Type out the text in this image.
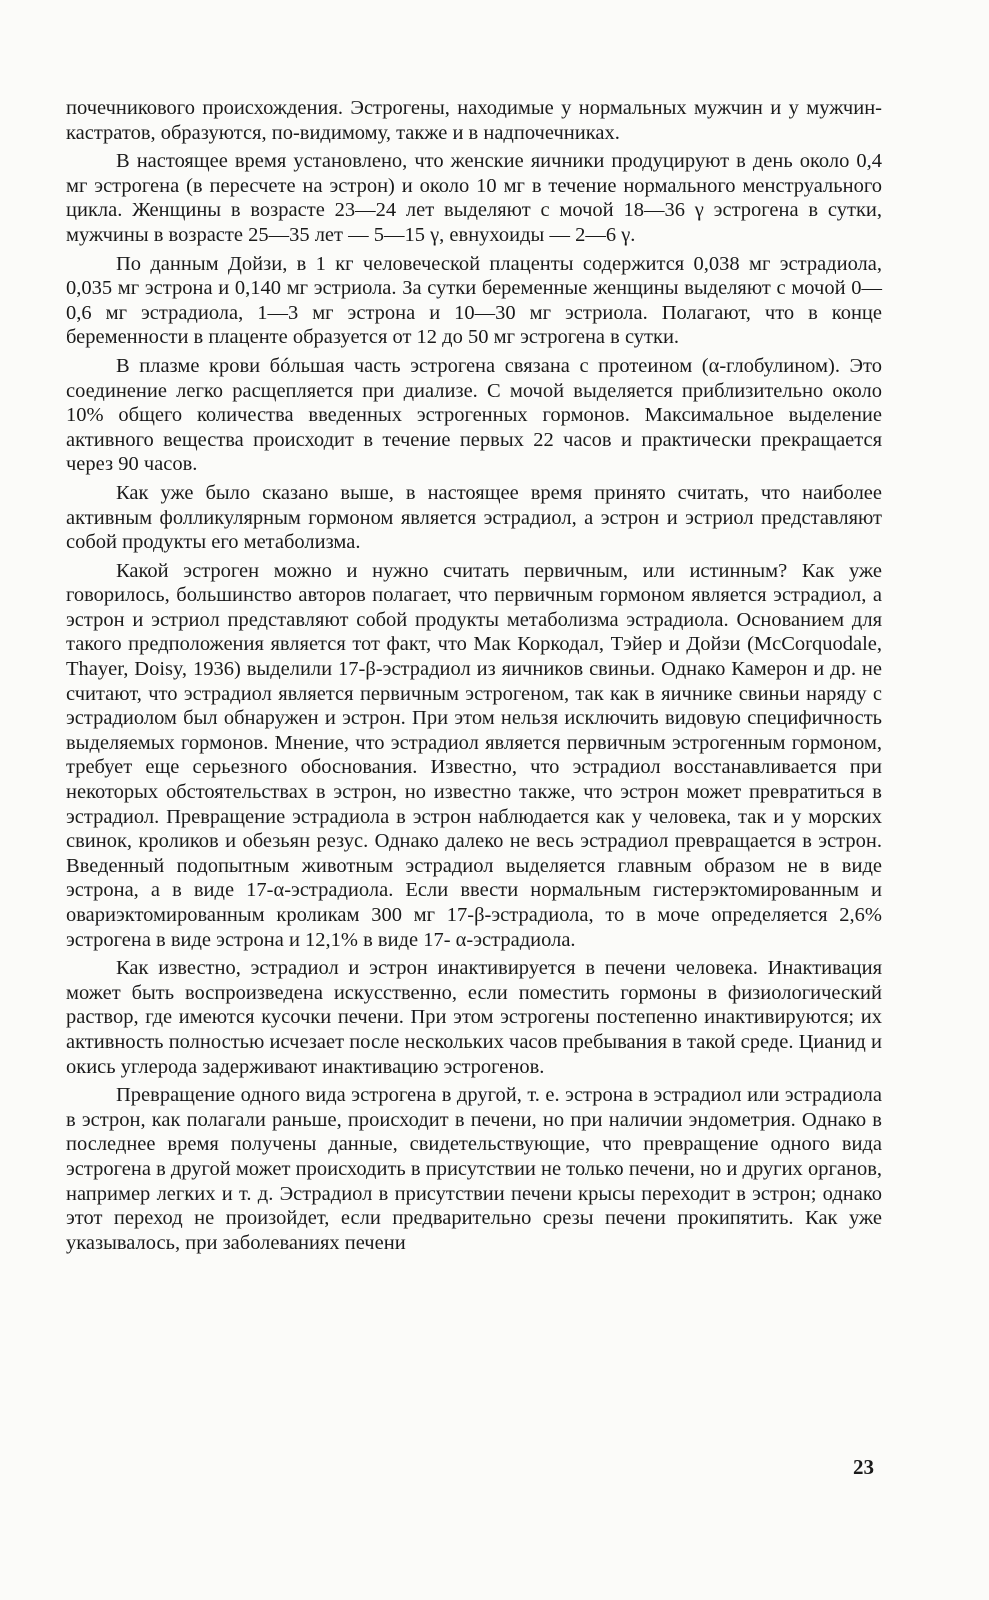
почечникового происхождения. Эстрогены, находимые у нормальных мужчин и у мужчин-кастратов, образуются, по-видимому, также и в надпочечниках.

В настоящее время установлено, что женские яичники продуцируют в день около 0,4 мг эстрогена (в пересчете на эстрон) и около 10 мг в течение нормального менструального цикла. Женщины в возрасте 23—24 лет выделяют с мочой 18—36 γ эстрогена в сутки, мужчины в возрасте 25—35 лет — 5—15 γ, евнухоиды — 2—6 γ.

По данным Дойзи, в 1 кг человеческой плаценты содержится 0,038 мг эстрадиола, 0,035 мг эстрона и 0,140 мг эстриола. За сутки беременные женщины выделяют с мочой 0—0,6 мг эстрадиола, 1—3 мг эстрона и 10—30 мг эстриола. Полагают, что в конце беременности в плаценте образуется от 12 до 50 мг эстрогена в сутки.

В плазме крови бóльшая часть эстрогена связана с протеином (α-глобулином). Это соединение легко расщепляется при диализе. С мочой выделяется приблизительно около 10% общего количества введенных эстрогенных гормонов. Максимальное выделение активного вещества происходит в течение первых 22 часов и практически прекращается через 90 часов.

Как уже было сказано выше, в настоящее время принято считать, что наиболее активным фолликулярным гормоном является эстрадиол, а эстрон и эстриол представляют собой продукты его метаболизма.

Какой эстроген можно и нужно считать первичным, или истинным? Как уже говорилось, большинство авторов полагает, что первичным гормоном является эстрадиол, а эстрон и эстриол представляют собой продукты метаболизма эстрадиола. Основанием для такого предположения является тот факт, что Мак Коркодал, Тэйер и Дойзи (McCorquodale, Thayer, Doisy, 1936) выделили 17-β-эстрадиол из яичников свиньи. Однако Камерон и др. не считают, что эстрадиол является первичным эстрогеном, так как в яичнике свиньи наряду с эстрадиолом был обнаружен и эстрон. При этом нельзя исключить видовую специфичность выделяемых гормонов. Мнение, что эстрадиол является первичным эстрогенным гормоном, требует еще серьезного обоснования. Известно, что эстрадиол восстанавливается при некоторых обстоятельствах в эстрон, но известно также, что эстрон может превратиться в эстрадиол. Превращение эстрадиола в эстрон наблюдается как у человека, так и у морских свинок, кроликов и обезьян резус. Однако далеко не весь эстрадиол превращается в эстрон. Введенный подопытным животным эстрадиол выделяется главным образом не в виде эстрона, а в виде 17-α-эстрадиола. Если ввести нормальным гистерэктомированным и овариэктомированным кроликам 300 мг 17-β-эстрадиола, то в моче определяется 2,6% эстрогена в виде эстрона и 12,1% в виде 17- α-эстрадиола.

Как известно, эстрадиол и эстрон инактивируется в печени человека. Инактивация может быть воспроизведена искусственно, если поместить гормоны в физиологический раствор, где имеются кусочки печени. При этом эстрогены постепенно инактивируются; их активность полностью исчезает после нескольких часов пребывания в такой среде. Цианид и окись углерода задерживают инактивацию эстрогенов.

Превращение одного вида эстрогена в другой, т. е. эстрона в эстрадиол или эстрадиола в эстрон, как полагали раньше, происходит в печени, но при наличии эндометрия. Однако в последнее время получены данные, свидетельствующие, что превращение одного вида эстрогена в другой может происходить в присутствии не только печени, но и других органов, например легких и т. д. Эстрадиол в присутствии печени крысы переходит в эстрон; однако этот переход не произойдет, если предварительно срезы печени прокипятить. Как уже указывалось, при заболеваниях печени

23
